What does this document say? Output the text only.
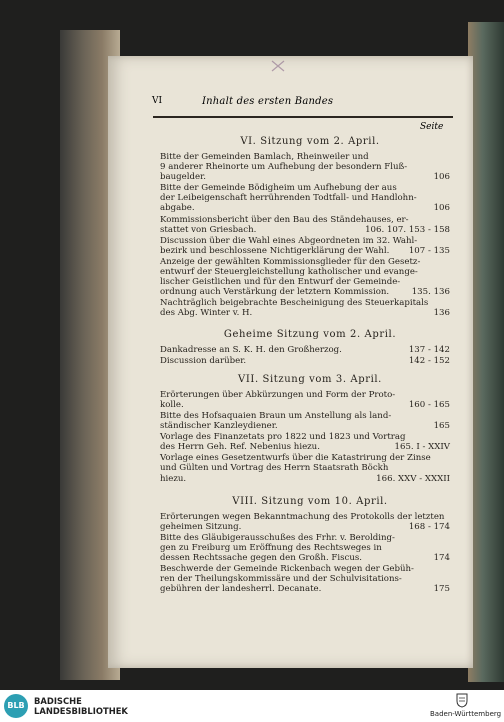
VI	Inhalt des ersten Bandes
Seite
VI. Sitzung vom 2. April.
Bitte der Gemeinden Bamlach, Rheinweiler und
9 anderer Rheinorte um Aufhebung der besondern Fluß-
baugelder.	106
Bitte der Gemeinde Bödigheim um Aufhebung der aus
der Leibeigenschaft herrührenden Todtfall- und Handlohn-
abgabe.	106
Kommissionsbericht über den Bau des Ständehauses, er-
stattet von Griesbach.	106. 107. 153 - 158
Discussion über die Wahl eines Abgeordneten im 32. Wahl-
bezirk und beschlossene Nichtigerklärung der Wahl.	107 - 135
Anzeige der gewählten Kommissionsglieder für den Gesetz-
entwurf der Steuergleichstellung katholischer und evange-
lischer Geistlichen und für den Entwurf der Gemeinde-
ordnung auch Verstärkung der letztern Kommission.	135. 136
Nachträglich beigebrachte Bescheinigung des Steuerkapitals
des Abg. Winter v. H.	136
Geheime Sitzung vom 2. April.
Dankadresse an S. K. H. den Großherzog.	137 - 142
Discussion darüber.	142 - 152
VII. Sitzung vom 3. April.
Erörterungen über Abkürzungen und Form der Proto-
kolle.	160 - 165
Bitte des Hofsaquaien Braun um Anstellung als land-
ständischer Kanzleydiener.	165
Vorlage des Finanzetats pro 1822 und 1823 und Vortrag
des Herrn Geh. Ref. Nebenius hiezu.	165. I - XXIV
Vorlage eines Gesetzentwurfs über die Katastrirung der Zinse
und Gülten und Vortrag des Herrn Staatsrath Böckh
hiezu.	166. XXV - XXXII
VIII. Sitzung vom 10. April.
Erörterungen wegen Bekanntmachung des Protokolls der letzten
geheimen Sitzung.	168 - 174
Bitte des Gläubigerausschußes des Frhr. v. Berolding-
gen zu Freiburg um Eröffnung des Rechtsweges in
dessen Rechtssache gegen den Großh. Fiscus.	174
Beschwerde der Gemeinde Rickenbach wegen der Gebüh-
ren der Theilungskommissäre und der Schulvisitations-
gebühren der landesherrl. Decanate.	175
BLB	BADISCHE
LANDESBIBLIOTHEK	Baden-Württemberg
